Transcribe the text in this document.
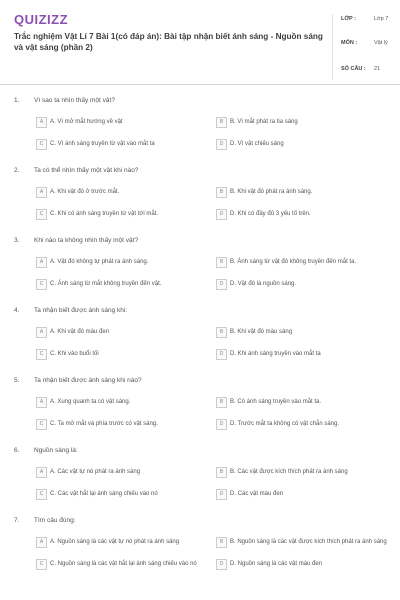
QUIZIZZ
Trắc nghiệm Vật Lí 7 Bài 1(có đáp án): Bài tập nhận biết ánh sáng - Nguồn sáng và vật sáng (phần 2)
LỚP :	Lớp 7
MÔN :	Vật lý
SỐ CÂU : 21
1. Vì sao ta nhìn thấy một vật?
A	A. Vì mở mắt hướng về vật	B	B. Vì mắt phát ra tia sáng
C	C. Vì ánh sáng truyền từ vật vào mắt ta	D	D. Vì vật chiếu sáng
2. Ta có thể nhìn thấy một vật khi nào?
A	A. Khi vật đó ở trước mắt.	B	B. Khi vật đó phát ra ánh sáng.
C	C. Khi có ánh sáng truyền từ vật tới mắt.	D	D. Khi có đầy đủ 3 yếu tố trên.
3. Khi nào ta không nhìn thấy một vật?
A	A. Vật đó không tự phát ra ánh sáng.	B	B. Ánh sáng từ vật đó không truyền đến mắt ta.
C	C. Ánh sáng từ mắt không truyền đến vật.	D	D. Vật đó là nguồn sáng.
4. Ta nhận biết được ánh sáng khi:
A	A. Khi vật đó màu đen	B	B. Khi vật đó màu sáng
C	C. Khi vào buổi tối	D	D. Khi ánh sáng truyền vào mắt ta
5. Ta nhận biết được ánh sáng khi nào?
A	A. Xung quanh ta có vật sáng.	B	B. Có ánh sáng truyền vào mắt ta.
C	C. Ta mở mắt và phía trước có vật sáng.	D	D. Trước mắt ta không có vật chắn sáng.
6. Nguồn sáng là:
A	A. Các vật tự nó phát ra ánh sáng	B	B. Các vật được kích thích phát ra ánh sáng
C	C. Các vật hắt lại ánh sáng chiếu vào nó	D	D. Các vật màu đen
7. Tìm câu đúng:
A	A. Nguồn sáng là các vật tự nó phát ra ánh sáng	B	B. Nguồn sáng là các vật được kích thích phát ra ánh sáng
C	C. Nguồn sáng là các vật hắt lại ánh sáng chiếu vào nó	D	D. Nguồn sáng là các vật màu đen
